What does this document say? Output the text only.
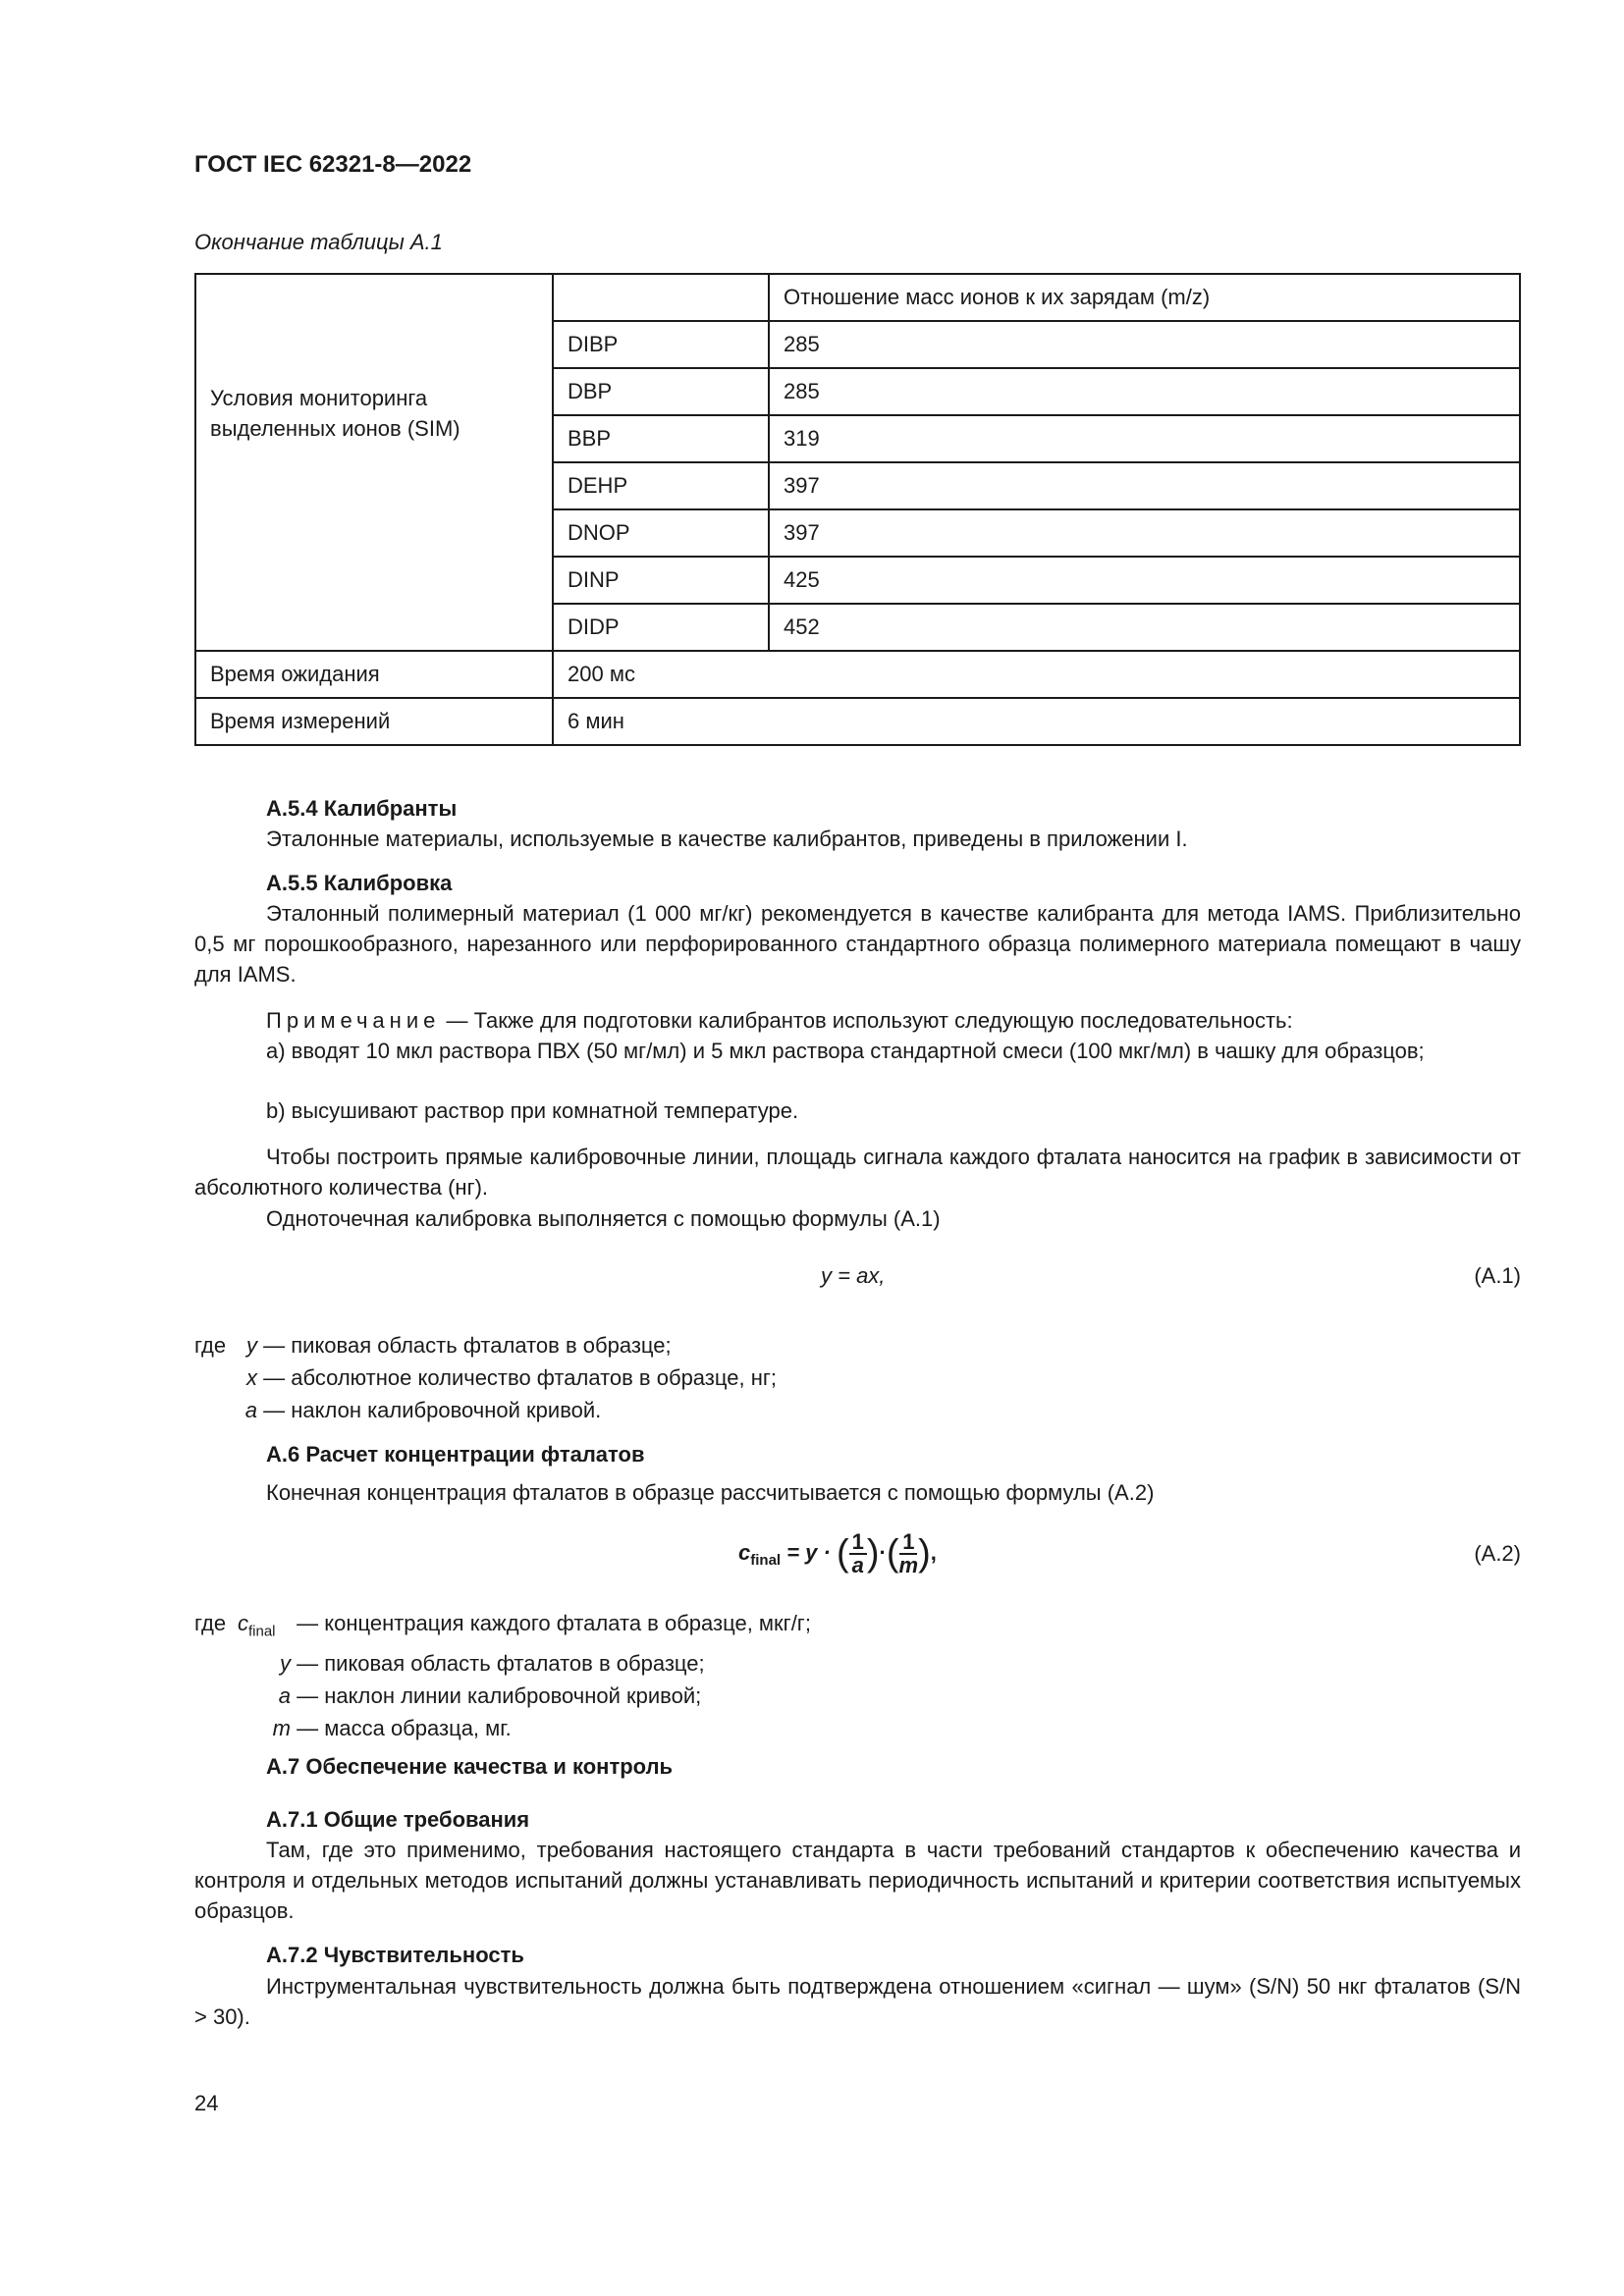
ГОСТ IEC 62321-8—2022
Окончание таблицы А.1
Условия мониторинга выделенных ионов (SIM)		Отношение масс ионов к их зарядам (m/z)
	DIBP	285
	DBP	285
	BBP	319
	DEHP	397
	DNOP	397
	DINP	425
	DIDP	452
Время ожидания	200 мс	
Время измерений	6 мин	
А.5.4 Калибранты
Эталонные материалы, используемые в качестве калибрантов, приведены в приложении I.
А.5.5 Калибровка
Эталонный полимерный материал (1 000 мг/кг) рекомендуется в качестве калибранта для метода IAMS. Приблизительно 0,5 мг порошкообразного, нарезанного или перфорированного стандартного образца полимерного материала помещают в чашу для IAMS.
Примечание — Также для подготовки калибрантов используют следующую последовательность:
a) вводят 10 мкл раствора ПВХ (50 мг/мл) и 5 мкл раствора стандартной смеси (100 мкг/мл) в чашку для образцов;
b) высушивают раствор при комнатной температуре.
Чтобы построить прямые калибровочные линии, площадь сигнала каждого фталата наносится на график в зависимости от абсолютного количества (нг).
Одноточечная калибровка выполняется с помощью формулы (А.1)
y = ax,	(А.1)
где y
— пиковая область фталатов в образце;
x
— абсолютное количество фталатов в образце, нг;
a
— наклон калибровочной кривой.
А.6 Расчет концентрации фталатов
Конечная концентрация фталатов в образце рассчитывается с помощью формулы (А.2)
$c_{final} = y$ · ( $\frac{1}{a}$ )·( $\frac{1}{m}$ ),	(А.2)
где $c_{final}$
— концентрация каждого фталата в образце, мкг/г;
y
— пиковая область фталатов в образце;
a
— наклон линии калибровочной кривой;
m
— масса образца, мг.
А.7 Обеспечение качества и контроль
А.7.1 Общие требования
Там, где это применимо, требования настоящего стандарта в части требований стандартов к обеспечению качества и контроля и отдельных методов испытаний должны устанавливать периодичность испытаний и критерии соответствия испытуемых образцов.
А.7.2 Чувствительность
Инструментальная чувствительность должна быть подтверждена отношением «сигнал — шум» (S/N) 50 нкг фталатов (S/N > 30).
24
